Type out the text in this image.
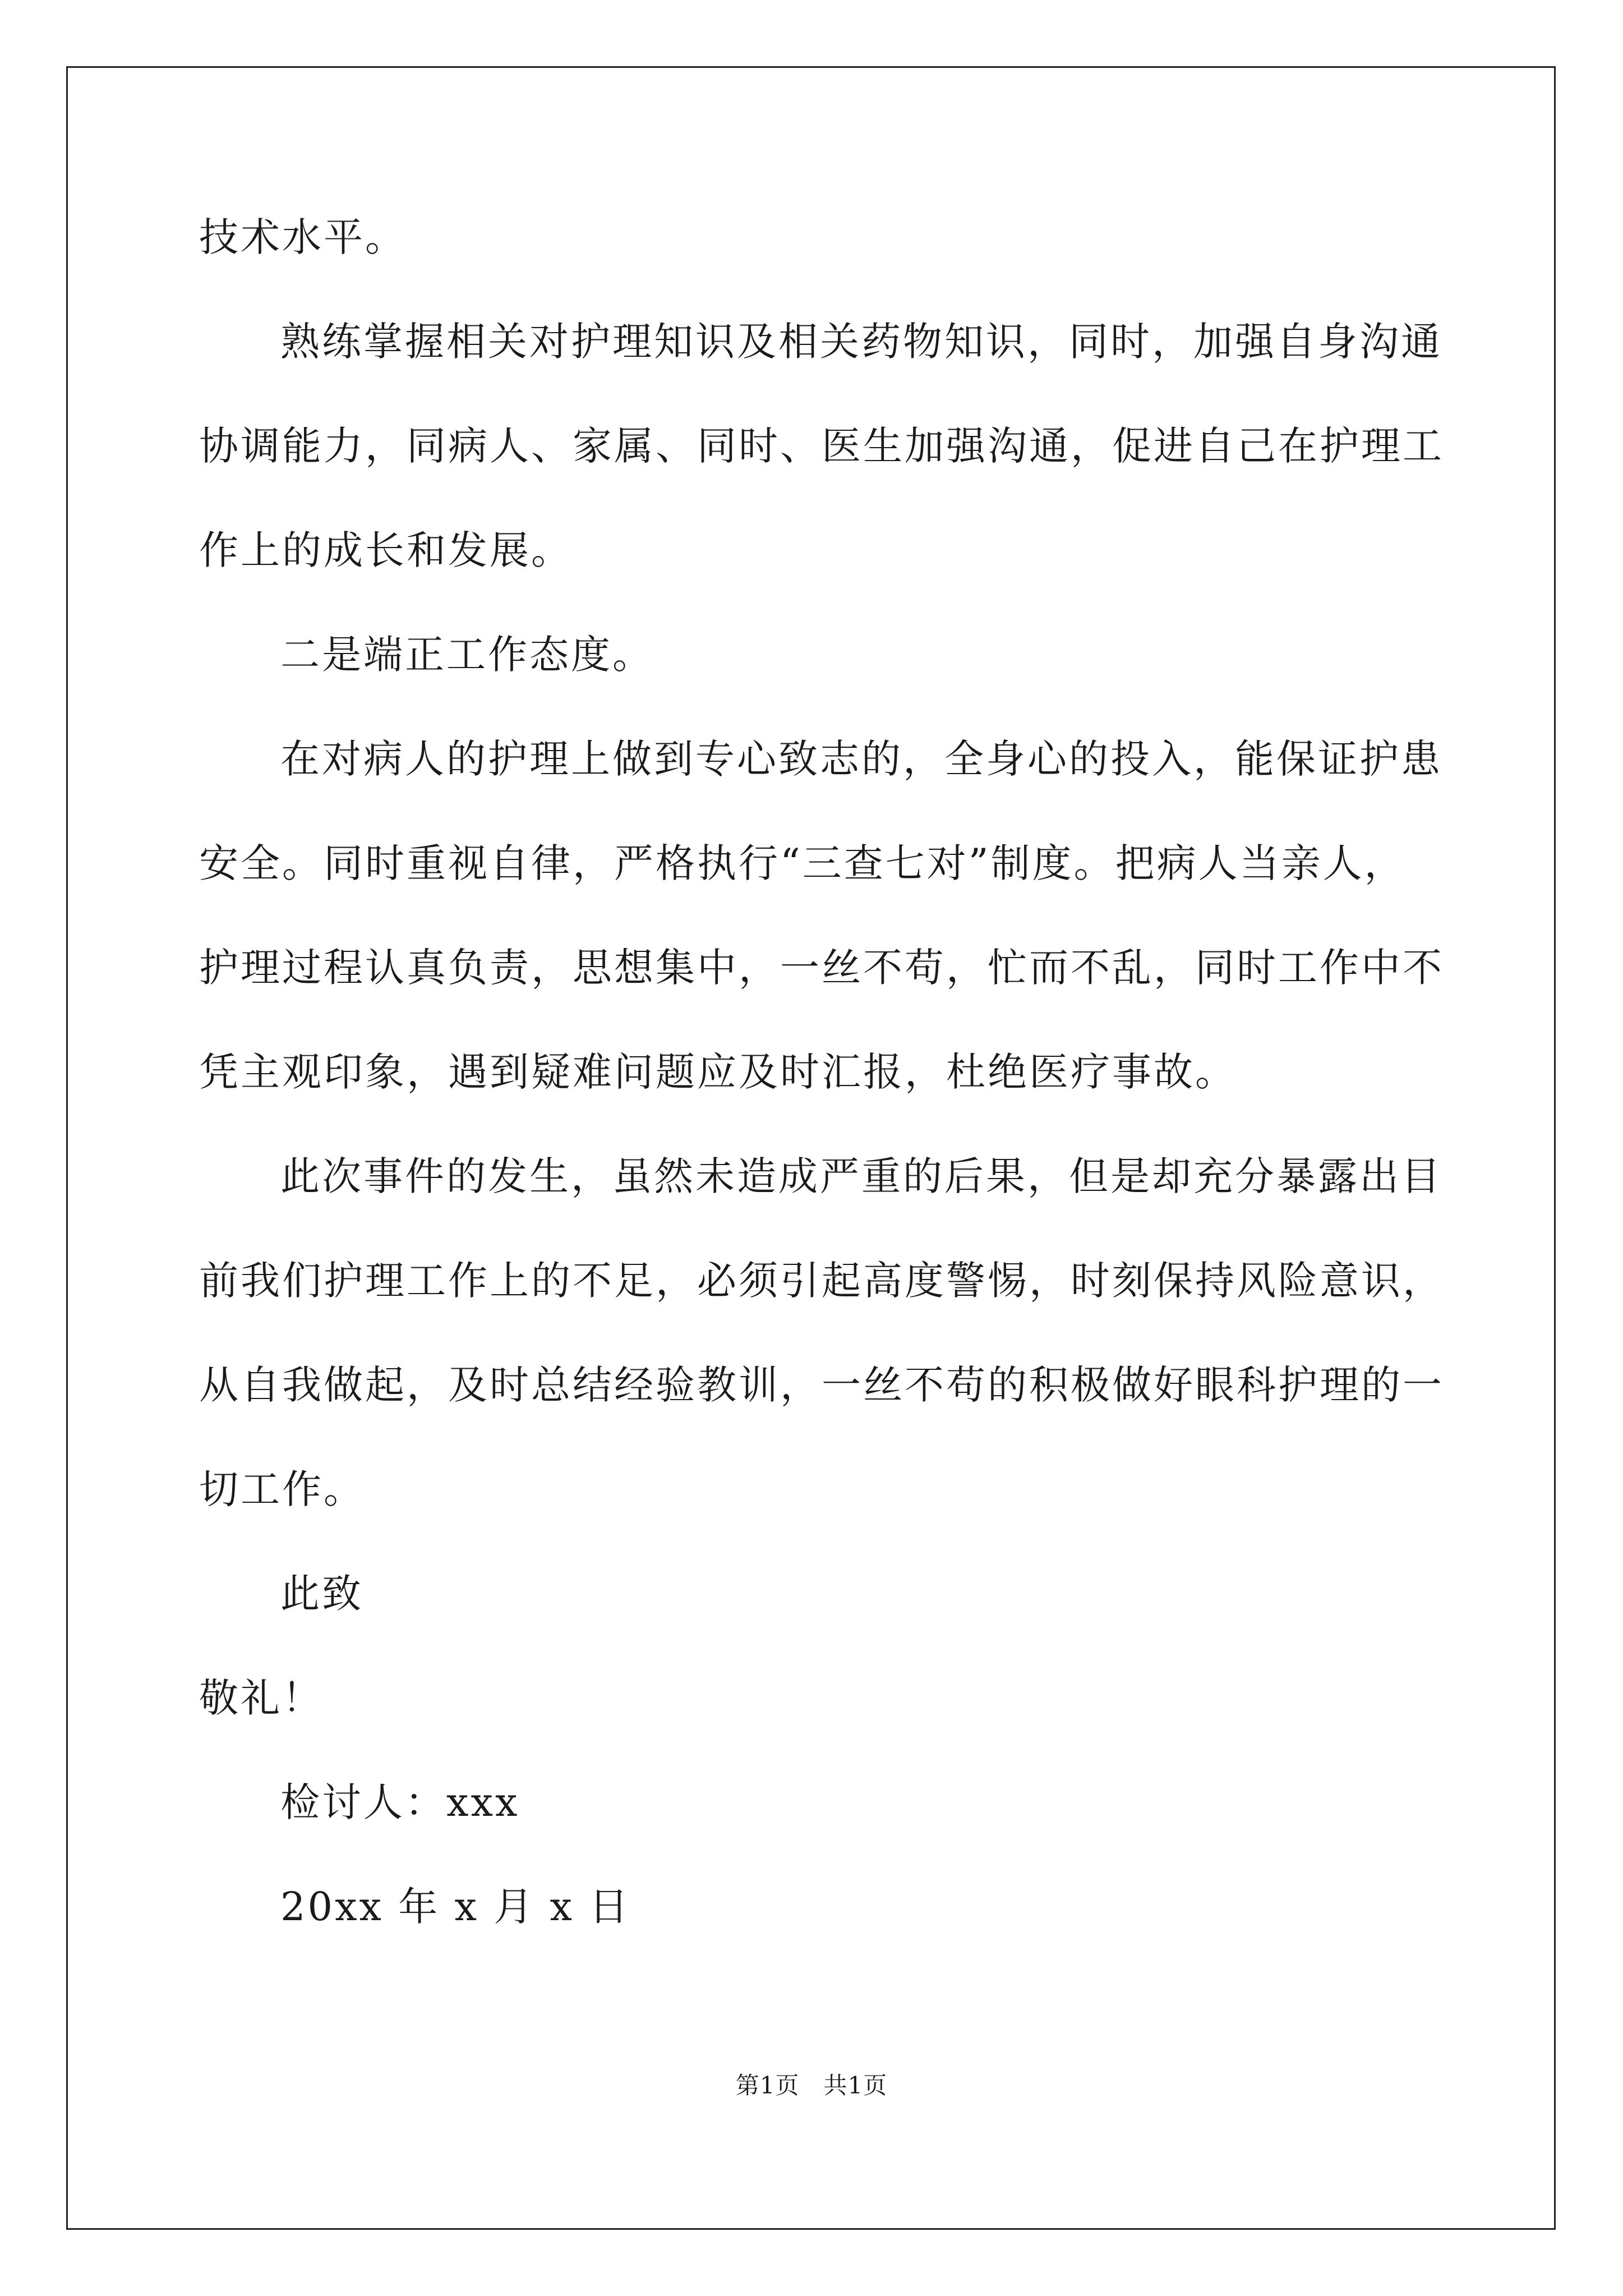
技术水平。
熟练掌握相关对护理知识及相关药物知识，同时，加强自身沟通
协调能力，同病人、家属、同时、医生加强沟通，促进自己在护理工
作上的成长和发展。
二是端正工作态度。
在对病人的护理上做到专心致志的，全身心的投入，能保证护患
安全。同时重视自律，严格执行“三查七对”制度。把病人当亲人，
护理过程认真负责，思想集中，一丝不苟，忙而不乱，同时工作中不
凭主观印象，遇到疑难问题应及时汇报，杜绝医疗事故。
此次事件的发生，虽然未造成严重的后果，但是却充分暴露出目
前我们护理工作上的不足，必须引起高度警惕，时刻保持风险意识，
从自我做起，及时总结经验教训，一丝不苟的积极做好眼科护理的一
切工作。
此致
敬礼！
检讨人：xxx
20xx 年 x 月 x 日
第1页　共1页
